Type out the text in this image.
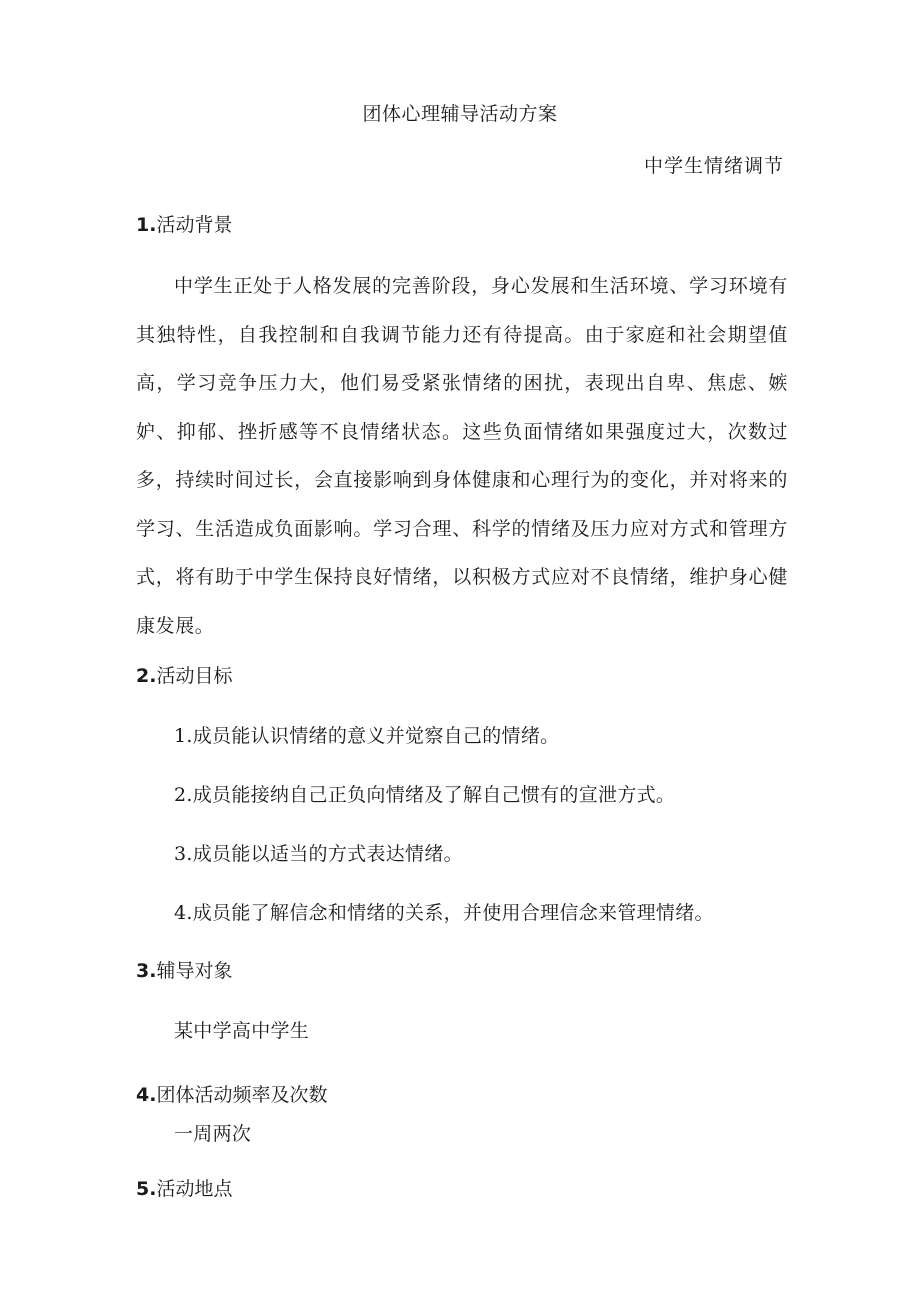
团体心理辅导活动方案
中学生情绪调节
1.活动背景
中学生正处于人格发展的完善阶段，身心发展和生活环境、学习环境有其独特性，自我控制和自我调节能力还有待提高。由于家庭和社会期望值高，学习竞争压力大，他们易受紧张情绪的困扰，表现出自卑、焦虑、嫉妒、抑郁、挫折感等不良情绪状态。这些负面情绪如果强度过大，次数过多，持续时间过长，会直接影响到身体健康和心理行为的变化，并对将来的学习、生活造成负面影响。学习合理、科学的情绪及压力应对方式和管理方式，将有助于中学生保持良好情绪，以积极方式应对不良情绪，维护身心健康发展。
2.活动目标
1.成员能认识情绪的意义并觉察自己的情绪。
2.成员能接纳自己正负向情绪及了解自己惯有的宣泄方式。
3.成员能以适当的方式表达情绪。
4.成员能了解信念和情绪的关系，并使用合理信念来管理情绪。
3.辅导对象
某中学高中学生
4.团体活动频率及次数
一周两次
5.活动地点
